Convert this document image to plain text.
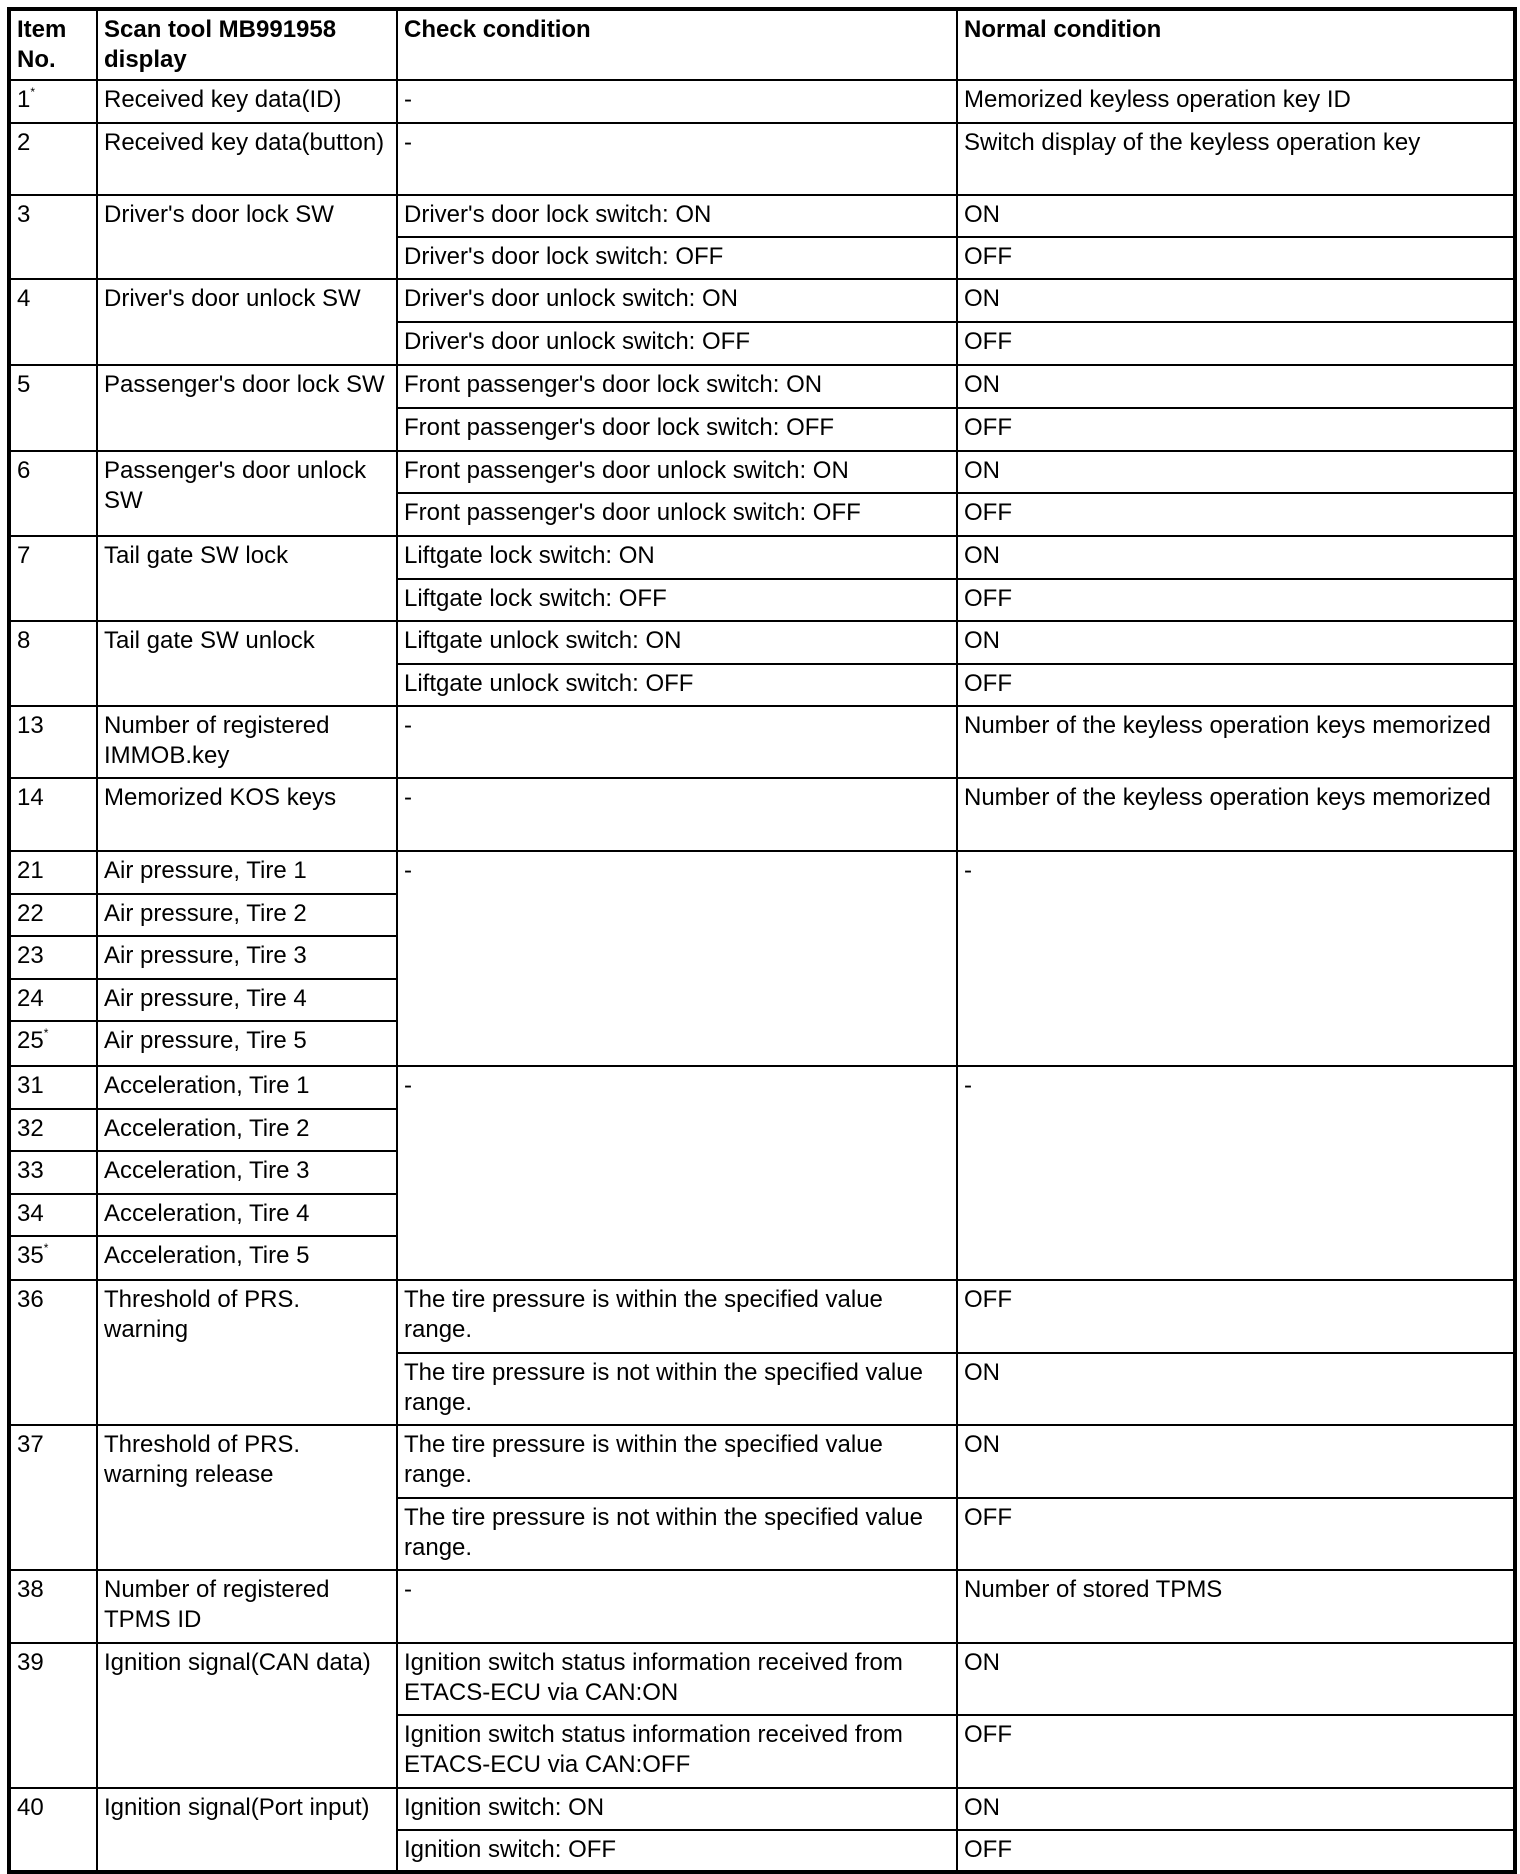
Item No.	Scan tool MB991958 display	Check condition	Normal condition
1*	Received key data(ID)	-	Memorized keyless operation key ID
2	Received key data(button)	-	Switch display of the keyless operation key
3	Driver's door lock SW	Driver's door lock switch: ON	ON
		Driver's door lock switch: OFF	OFF
4	Driver's door unlock SW	Driver's door unlock switch: ON	ON
		Driver's door unlock switch: OFF	OFF
5	Passenger's door lock SW	Front passenger's door lock switch: ON	ON
		Front passenger's door lock switch: OFF	OFF
6	Passenger's door unlock SW	Front passenger's door unlock switch: ON	ON
		Front passenger's door unlock switch: OFF	OFF
7	Tail gate SW lock	Liftgate lock switch: ON	ON
		Liftgate lock switch: OFF	OFF
8	Tail gate SW unlock	Liftgate unlock switch: ON	ON
		Liftgate unlock switch: OFF	OFF
13	Number of registered IMMOB.key	-	Number of the keyless operation keys memorized
14	Memorized KOS keys	-	Number of the keyless operation keys memorized
21	Air pressure, Tire 1	-	-
22	Air pressure, Tire 2		
23	Air pressure, Tire 3		
24	Air pressure, Tire 4		
25*	Air pressure, Tire 5		
31	Acceleration, Tire 1	-	-
32	Acceleration, Tire 2		
33	Acceleration, Tire 3		
34	Acceleration, Tire 4		
35*	Acceleration, Tire 5		
36	Threshold of PRS. warning	The tire pressure is within the specified value range.	OFF
		The tire pressure is not within the specified value range.	ON
37	Threshold of PRS. warning release	The tire pressure is within the specified value range.	ON
		The tire pressure is not within the specified value range.	OFF
38	Number of registered TPMS ID	-	Number of stored TPMS
39	Ignition signal(CAN data)	Ignition switch status information received from ETACS-ECU via CAN:ON	ON
		Ignition switch status information received from ETACS-ECU via CAN:OFF	OFF
40	Ignition signal(Port input)	Ignition switch: ON	ON
		Ignition switch: OFF	OFF
